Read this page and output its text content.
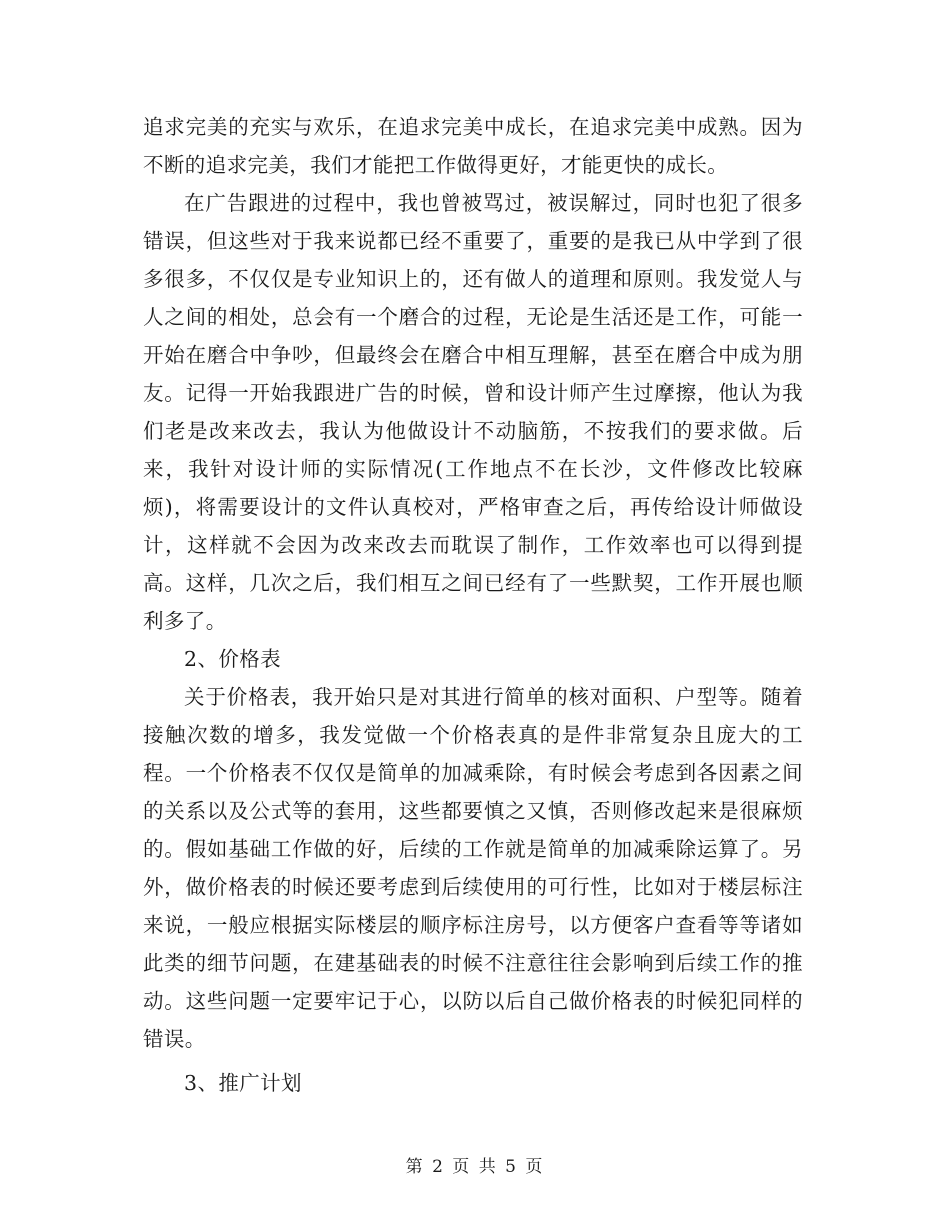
追求完美的充实与欢乐，在追求完美中成长，在追求完美中成熟。因为不断的追求完美，我们才能把工作做得更好，才能更快的成长。

在广告跟进的过程中，我也曾被骂过，被误解过，同时也犯了很多错误，但这些对于我来说都已经不重要了，重要的是我已从中学到了很多很多，不仅仅是专业知识上的，还有做人的道理和原则。我发觉人与人之间的相处，总会有一个磨合的过程，无论是生活还是工作，可能一开始在磨合中争吵，但最终会在磨合中相互理解，甚至在磨合中成为朋友。记得一开始我跟进广告的时候，曾和设计师产生过摩擦，他认为我们老是改来改去，我认为他做设计不动脑筋，不按我们的要求做。后来，我针对设计师的实际情况(工作地点不在长沙，文件修改比较麻烦)，将需要设计的文件认真校对，严格审查之后，再传给设计师做设计，这样就不会因为改来改去而耽误了制作，工作效率也可以得到提高。这样，几次之后，我们相互之间已经有了一些默契，工作开展也顺利多了。

2、价格表

关于价格表，我开始只是对其进行简单的核对面积、户型等。随着接触次数的增多，我发觉做一个价格表真的是件非常复杂且庞大的工程。一个价格表不仅仅是简单的加减乘除，有时候会考虑到各因素之间的关系以及公式等的套用，这些都要慎之又慎，否则修改起来是很麻烦的。假如基础工作做的好，后续的工作就是简单的加减乘除运算了。另外，做价格表的时候还要考虑到后续使用的可行性，比如对于楼层标注来说，一般应根据实际楼层的顺序标注房号，以方便客户查看等等诸如此类的细节问题，在建基础表的时候不注意往往会影响到后续工作的推动。这些问题一定要牢记于心，以防以后自己做价格表的时候犯同样的错误。

3、推广计划

第 2 页 共 5 页
